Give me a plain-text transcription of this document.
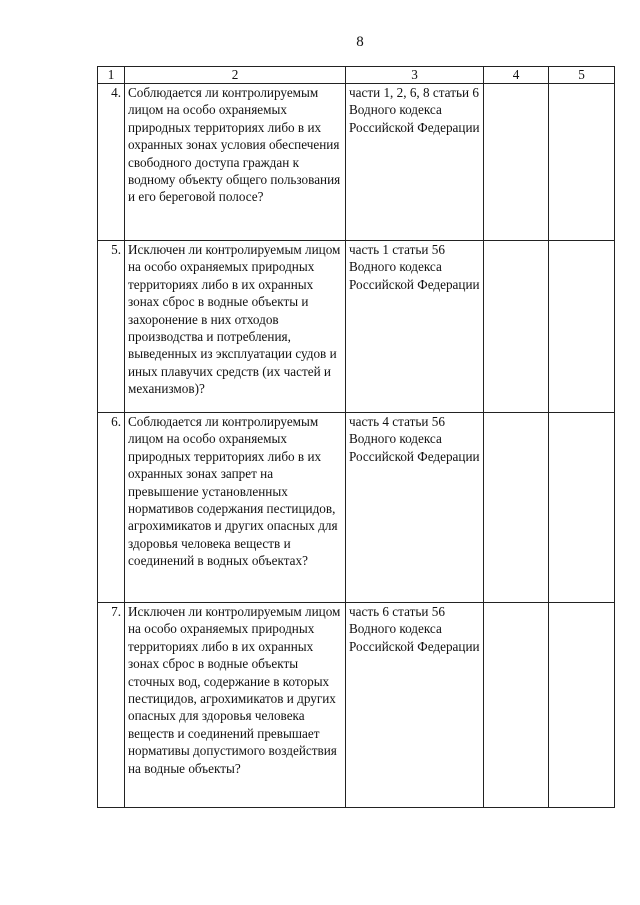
8
1	2	3	4	5
4.	Соблюдается ли контролируемым лицом на особо охраняемых природных территориях либо в их охранных зонах условия обеспечения свободного доступа граждан к водному объекту общего пользования и его береговой полосе?	части 1, 2, 6, 8 статьи 6 Водного кодекса Российской Федерации		
5.	Исключен ли контролируемым лицом на особо охраняемых природных территориях либо в их охранных зонах сброс в водные объекты и захоронение в них отходов производства и потребления, выведенных из эксплуатации судов и иных плавучих средств (их частей и механизмов)?	часть 1 статьи 56 Водного кодекса Российской Федерации		
6.	Соблюдается ли контролируемым лицом на особо охраняемых природных территориях либо в их охранных зонах запрет на превышение установленных нормативов содержания пестицидов, агрохимикатов и других опасных для здоровья человека веществ и соединений в водных объектах?	часть 4 статьи 56 Водного кодекса Российской Федерации		
7.	Исключен ли контролируемым лицом на особо охраняемых природных территориях либо в их охранных зонах сброс в водные объекты сточных вод, содержание в которых пестицидов, агрохимикатов и других опасных для здоровья человека веществ и соединений превышает нормативы допустимого воздействия на водные объекты?	часть 6 статьи 56 Водного кодекса Российской Федерации		
